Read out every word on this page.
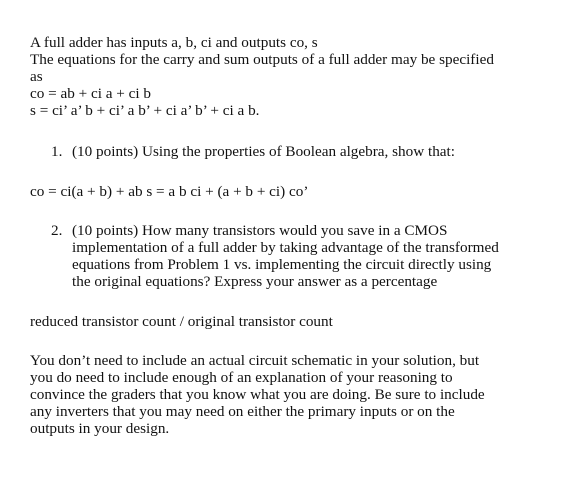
A full adder has inputs a, b, ci and outputs co, s
The equations for the carry and sum outputs of a full adder may be specified
as
co = ab + ci a + ci b
s = ci’ a’ b + ci’ a b’ + ci a’ b’ + ci a b.
1. (10 points) Using the properties of Boolean algebra, show that:
co = ci(a + b) + ab s = a b ci + (a + b + ci) co’
2. (10 points) How many transistors would you save in a CMOS
implementation of a full adder by taking advantage of the transformed
equations from Problem 1 vs. implementing the circuit directly using
the original equations? Express your answer as a percentage
reduced transistor count / original transistor count
You don’t need to include an actual circuit schematic in your solution, but
you do need to include enough of an explanation of your reasoning to
convince the graders that you know what you are doing. Be sure to include
any inverters that you may need on either the primary inputs or on the
outputs in your design.
